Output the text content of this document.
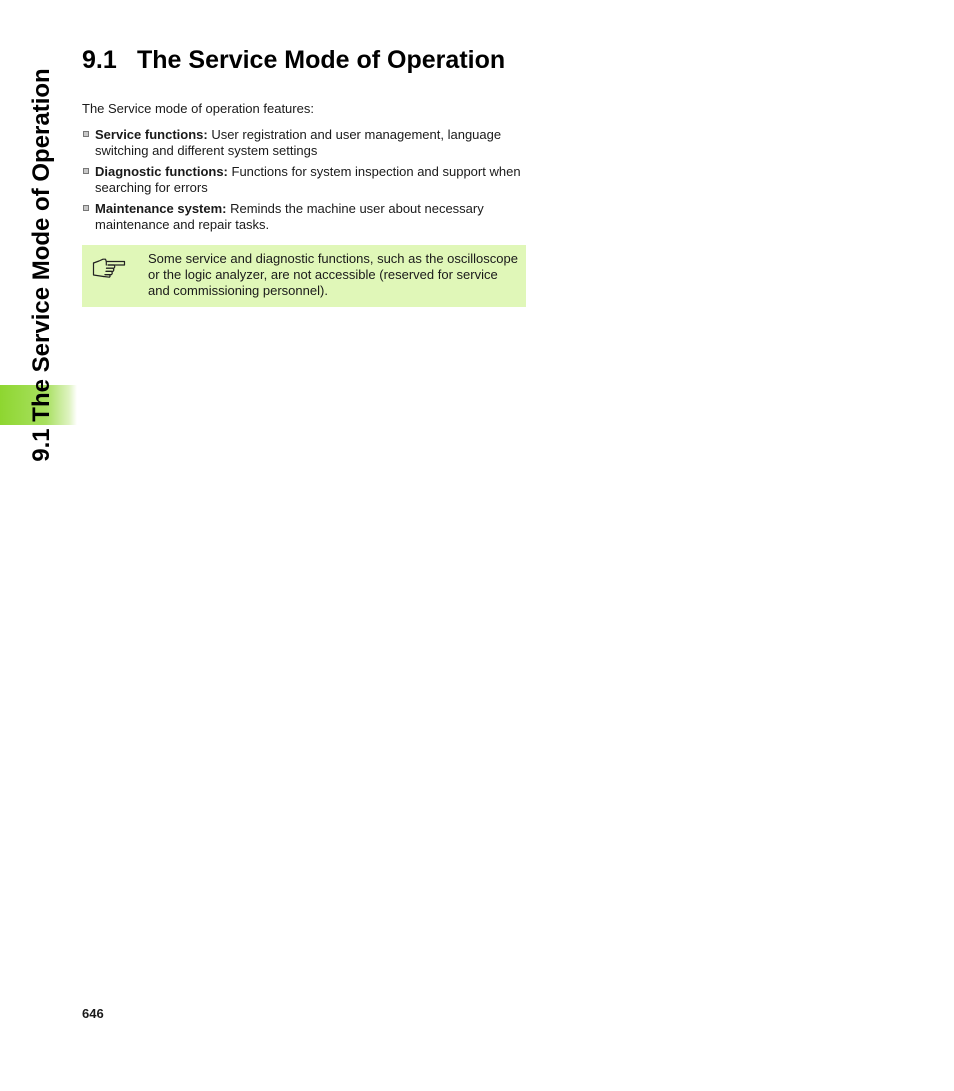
9.1 The Service Mode of Operation
9.1 The Service Mode of Operation

The Service mode of operation features:

Service functions: User registration and user management, language switching and different system settings
Diagnostic functions: Functions for system inspection and support when searching for errors
Maintenance system: Reminds the machine user about necessary maintenance and repair tasks.

Some service and diagnostic functions, such as the oscilloscope or the logic analyzer, are not accessible (reserved for service and commissioning personnel).

646
